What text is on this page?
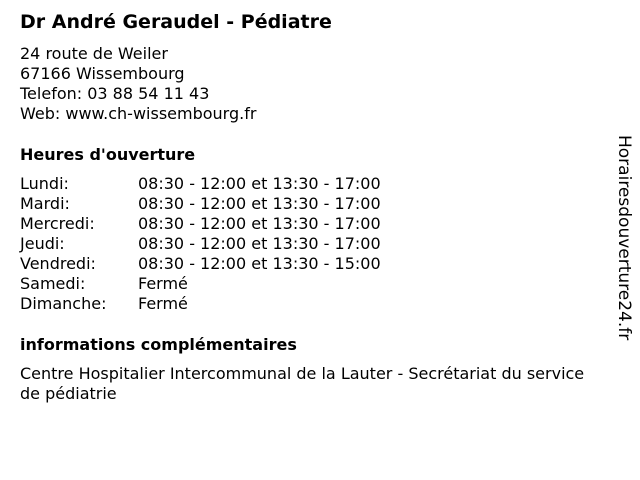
Dr André Geraudel - Pédiatre
24 route de Weiler
67166 Wissembourg
Telefon: 03 88 54 11 43
Web: www.ch-wissembourg.fr
Heures d'ouverture
Lundi:	08:30 - 12:00 et 13:30 - 17:00
Mardi:	08:30 - 12:00 et 13:30 - 17:00
Mercredi:	08:30 - 12:00 et 13:30 - 17:00
Jeudi:	08:30 - 12:00 et 13:30 - 17:00
Vendredi:	08:30 - 12:00 et 13:30 - 15:00
Samedi:	Fermé
Dimanche: Fermé
informations complémentaires
Centre Hospitalier Intercommunal de la Lauter - Secrétariat du service de pédiatrie
Horairesdouverture24.fr
